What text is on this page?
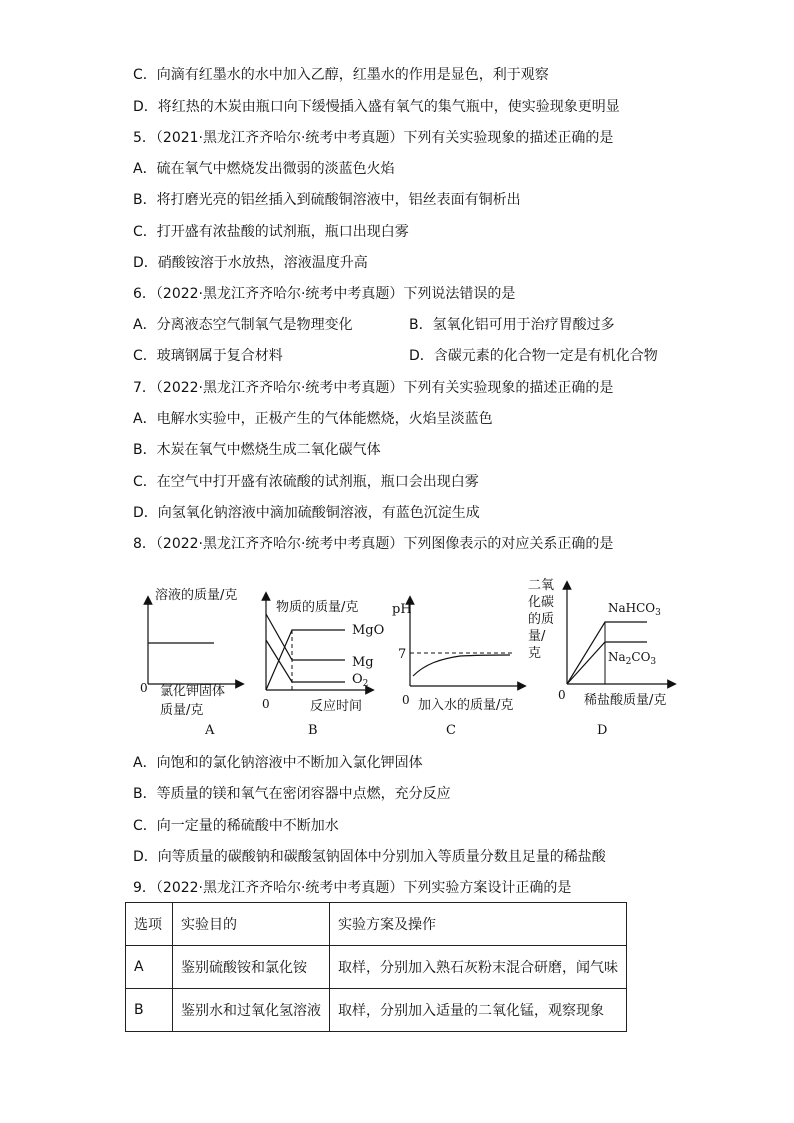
C．向滴有红墨水的水中加入乙醇，红墨水的作用是显色，利于观察
D．将红热的木炭由瓶口向下缓慢插入盛有氧气的集气瓶中，使实验现象更明显
5．（2021·黑龙江齐齐哈尔·统考中考真题）下列有关实验现象的描述正确的是
A．硫在氧气中燃烧发出微弱的淡蓝色火焰
B．将打磨光亮的铝丝插入到硫酸铜溶液中，铝丝表面有铜析出
C．打开盛有浓盐酸的试剂瓶，瓶口出现白雾
D．硝酸铵溶于水放热，溶液温度升高
6．（2022·黑龙江齐齐哈尔·统考中考真题）下列说法错误的是
A．分离液态空气制氧气是物理变化	B．氢氧化铝可用于治疗胃酸过多
C．玻璃钢属于复合材料	D．含碳元素的化合物一定是有机化合物
7．（2022·黑龙江齐齐哈尔·统考中考真题）下列有关实验现象的描述正确的是
A．电解水实验中，正极产生的气体能燃烧，火焰呈淡蓝色
B．木炭在氧气中燃烧生成二氧化碳气体
C．在空气中打开盛有浓硫酸的试剂瓶，瓶口会出现白雾
D．向氢氧化钠溶液中滴加硫酸铜溶液，有蓝色沉淀生成
8．（2022·黑龙江齐齐哈尔·统考中考真题）下列图像表示的对应关系正确的是
溶液的质量/克
0 氯化钾固体
质量/克
A
物质的质量/克
MgO
Mg
$O_2$
0	反应时间
B
pH
7
0 加入水的质量/克
C
二氧
化碳
的质
量/
克
NaHCO$_3$
$Na_2CO_3$
0 稀盐酸质量/克
D
A．向饱和的氯化钠溶液中不断加入氯化钾固体
B．等质量的镁和氧气在密闭容器中点燃，充分反应
C．向一定量的稀硫酸中不断加水
D．向等质量的碳酸钠和碳酸氢钠固体中分别加入等质量分数且足量的稀盐酸
9．（2022·黑龙江齐齐哈尔·统考中考真题）下列实验方案设计正确的是
选项	实验目的	实验方案及操作
A	鉴别硫酸铵和氯化铵	取样，分别加入熟石灰粉末混合研磨，闻气味
B	鉴别水和过氧化氢溶液	取样，分别加入适量的二氧化锰，观察现象
